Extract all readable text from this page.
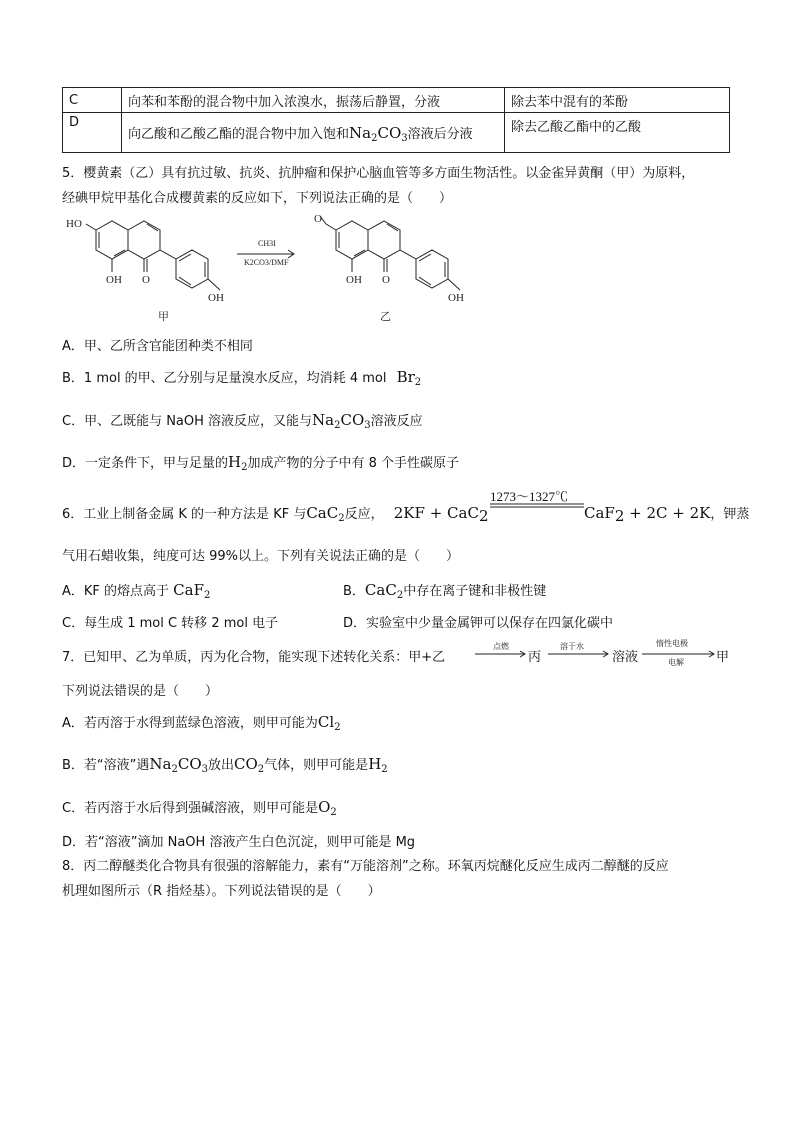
C	向苯和苯酚的混合物中加入浓溴水，振荡后静置，分液	除去苯中混有的苯酚
D	向乙酸和乙酸乙酯的混合物中加入饱和$Na_2CO_3$溶液后分液	除去乙酸乙酯中的乙酸
5．樱黄素（乙）具有抗过敏、抗炎、抗肿瘤和保护心脑血管等多方面生物活性。以金雀异黄酮（甲）为原料，
经碘甲烷甲基化合成樱黄素的反应如下，下列说法正确的是（　　）
HO
OH O
OH
甲
CH3I
K2CO3/DMF
O
OH O
OH
乙
A．甲、乙所含官能团种类不相同
B．1 mol 的甲、乙分别与足量溴水反应，均消耗 4 mol $Br_2$
C．甲、乙既能与 NaOH 溶液反应，又能与$Na_2CO_3$溶液反应
D．一定条件下，甲与足量的$H_2$加成产物的分子中有 8 个手性碳原子
6．工业上制备金属 K 的一种方法是 KF 与CaC$_2$反应， 2KF + CaC$_2$
1273～1327℃
CaF$_2$ + 2C + 2K，钾蒸
气用石蜡收集，纯度可达 99%以上。下列有关说法正确的是（　　）
A．KF 的熔点高于 CaF$_2$	B．CaC$_2$中存在离子键和非极性键
C．每生成 1 mol C 转移 2 mol 电子	D．实验室中少量金属钾可以保存在四氯化碳中
7．已知甲、乙为单质，丙为化合物，能实现下述转化关系：甲+乙
点燃
丙
溶于水
溶液
惰性电极
电解 甲
下列说法错误的是（　　）
A．若丙溶于水得到蓝绿色溶液，则甲可能为$Cl_2$
B．若“溶液”遇$Na_2CO_3$放出$CO_2$气体，则甲可能是$H_2$
C．若丙溶于水后得到强碱溶液，则甲可能是$O_2$
D．若“溶液”滴加 NaOH 溶液产生白色沉淀，则甲可能是 Mg
8．丙二醇醚类化合物具有很强的溶解能力，素有“万能溶剂”之称。环氧丙烷醚化反应生成丙二醇醚的反应
机理如图所示（R 指烃基）。下列说法错误的是（　　）
